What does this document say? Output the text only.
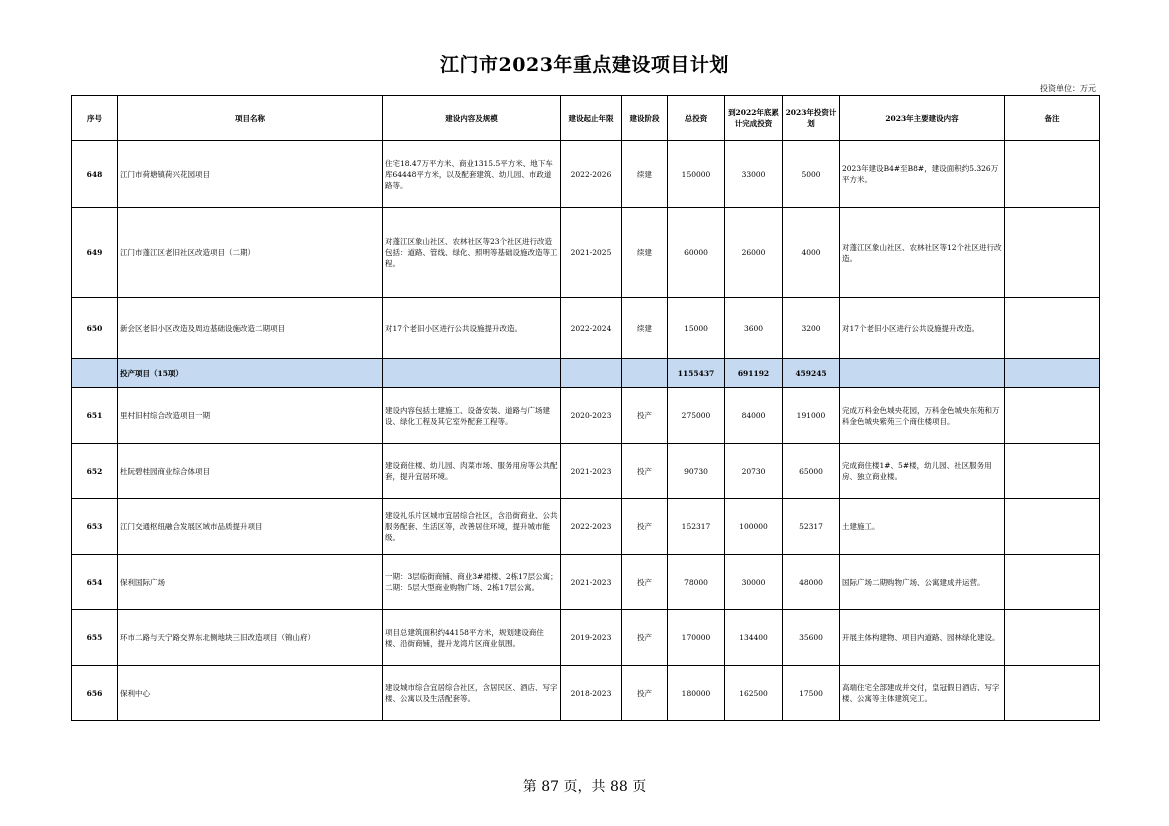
江门市2023年重点建设项目计划
投资单位：万元
序号	项目名称	建设内容及规模	建设起止年限	建设阶段	总投资	到2022年底累计完成投资	2023年投资计划	2023年主要建设内容	备注
648	江门市荷塘镇荷兴花园项目	住宅18.47万平方米、商业1315.5平方米、地下车库64448平方米，以及配套建筑、幼儿园、市政道路等。	2022-2026	续建	150000	33000	5000	2023年建设B4#至B8#，建设面积约5.326万平方米。	
649	江门市蓬江区老旧社区改造项目（二期）	对蓬江区象山社区、农林社区等23个社区进行改造包括：道路、管线、绿化、照明等基础设施改造等工程。	2021-2025	续建	60000	26000	4000	对蓬江区象山社区、农林社区等12个社区进行改造。	
650	新会区老旧小区改造及周边基础设施改造二期项目	对17个老旧小区进行公共设施提升改造。	2022-2024	续建	15000	3600	3200	对17个老旧小区进行公共设施提升改造。	
	投产项目（15项）				1155437	691192	459245		
651	里村旧村综合改造项目一期	建设内容包括土建施工、设备安装、道路与广场建设、绿化工程及其它室外配套工程等。	2020-2023	投产	275000	84000	191000	完成万科金色城央花园，万科金色城央东苑和万科金色城央紫苑三个商住楼项目。	
652	杜阮碧桂园商业综合体项目	建设商住楼、幼儿园、肉菜市场、服务用房等公共配套，提升宜居环境。	2021-2023	投产	90730	20730	65000	完成商住楼1#、5#楼，幼儿园、社区服务用房、独立商业楼。	
653	江门交通枢纽融合发展区域市品质提升项目	建设礼乐片区城市宜居综合社区，含沿街商业、公共服务配套、生活区等，改善居住环境，提升城市能级。	2022-2023	投产	152317	100000	52317	土建施工。	
654	保利国际广场	一期：3层临街商铺、商业3#裙楼、2栋17层公寓；二期：5层大型商业购物广场、2栋17层公寓。	2021-2023	投产	78000	30000	48000	国际广场二期购物广场、公寓建成并运营。	
655	环市二路与天宁路交界东北侧地块三旧改造项目（锦山府）	项目总建筑面积约44158平方米，规划建设商住楼、沿街商铺，提升龙湾片区商业氛围。	2019-2023	投产	170000	134400	35600	开展主体构建物、项目内道路、园林绿化建设。	
656	保利中心	建设城市综合宜居综合社区，含居民区、酒店、写字楼、公寓以及生活配套等。	2018-2023	投产	180000	162500	17500	高端住宅全部建成并交付，皇冠假日酒店、写字楼、公寓等主体建筑完工。	
第 87 页，共 88 页
